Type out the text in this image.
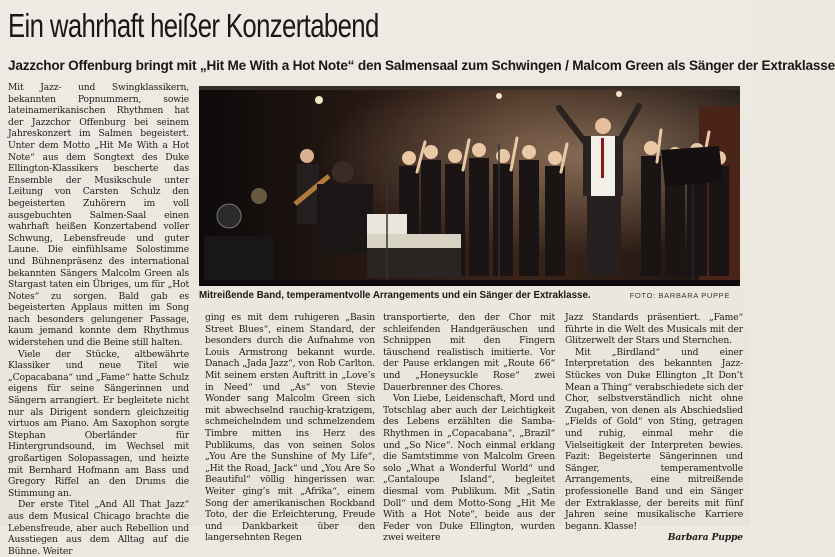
Ein wahrhaft heißer Konzertabend
Jazzchor Offenburg bringt mit „Hit Me With a Hot Note“ den Salmensaal zum Schwingen / Malcom Green als Sänger der Extraklasse

Mit Jazz- und Swingklassikern, bekannten Popnummern, sowie lateinamerikanischen Rhythmen hat der Jazzchor Offenburg bei seinem Jahreskonzert im Salmen begeistert. Unter dem Motto „Hit Me With a Hot Note“ aus dem Songtext des Duke Ellington-Klassikers bescherte das Ensemble der Musikschule unter Leitung von Carsten Schulz den begeisterten Zuhörern im voll ausgebuchten Salmen-Saal einen wahrhaft heißen Konzertabend voller Schwung, Lebensfreude und guter Laune. Die einfühlsame Solostimme und Bühnenpräsenz des international bekannten Sängers Malcolm Green als Stargast taten ein Übriges, um für „Hot Notes“ zu sorgen. Bald gab es begeisterten Applaus mitten im Song nach besonders gelungener Passage, kaum jemand konnte dem Rhythmus widerstehen und die Beine still halten.

Viele der Stücke, altbewährte Klassiker und neue Titel wie „Copacabana“ und „Fame“ hatte Schulz eigens für seine Sängerinnen und Sängern arrangiert. Er begleitete nicht nur als Dirigent sondern gleichzeitig virtuos am Piano. Am Saxophon sorgte Stephan Oberländer für Hintergrundsound, im Wechsel mit großartigen Solopassagen, und heizte mit Bernhard Hofmann am Bass und Gregory Riffel an den Drums die Stimmung an.

Der erste Titel „And All That Jazz“ aus dem Musical Chicago brachte die Lebensfreude, aber auch Rebellion und Ausstiegen aus dem Alltag auf die Bühne. Weiter

Mitreißende Band, temperamentvolle Arrangements und ein Sänger der Extraklasse.	FOTO: BARBARA PUPPE

ging es mit dem ruhigeren „Basin Street Blues“, einem Standard, der besonders durch die Aufnahme von Louis Armstrong bekannt wurde. Danach „Jada Jazz“, von Rob Carlton. Mit seinem ersten Auftritt in „Love’s in Need“ und „As“ von Stevie Wonder sang Malcolm Green sich mit abwechselnd rauchig-kratzigem, schmeichelndem und schmelzendem Timbre mitten ins Herz des Publikums, das von seinen Solos „You Are the Sunshine of My Life“, „Hit the Road, Jack“ und „You Are So Beautiful“ völlig hingerissen war. Weiter ging’s mit „Afrika“, einem Song der amerikanischen Rockband Toto, der die Erleichterung, Freude und Dankbarkeit über den langersehnten Regen

transportierte, den der Chor mit schleifenden Handgeräuschen und Schnippen mit den Fingern täuschend realistisch imitierte. Vor der Pause erklangen mit „Route 66“ und „Honeysuckle Rose“ zwei Dauerbrenner des Chores.

Von Liebe, Leidenschaft, Mord und Totschlag aber auch der Leichtigkeit des Lebens erzählten die Samba-Rhythmen in „Copacabana“, „Brazil“ und „So Nice“. Noch einmal erklang die Samtstimme von Malcolm Green solo „What a Wonderful World“ und „Cantaloupe Island“, begleitet diesmal vom Publikum. Mit „Satin Doll“ und dem Motto-Song „Hit Me With a Hot Note“, beide aus der Feder von Duke Ellington, wurden zwei weitere

Jazz Standards präsentiert. „Fame“ führte in die Welt des Musicals mit der Glitzerwelt der Stars und Sternchen.

Mit „Birdland“ und einer Interpretation des bekannten Jazz-Stückes von Duke Ellington „It Don’t Mean a Thing“ verabschiedete sich der Chor, selbstverständlich nicht ohne Zugaben, von denen als Abschiedslied „Fields of Gold“ von Sting, getragen und ruhig, einmal mehr die Vielseitigkeit der Interpreten bewies. Fazit: Begeisterte Sängerinnen und Sänger, temperamentvolle Arrangements, eine mitreißende professionelle Band und ein Sänger der Extraklasse, der bereits mit fünf Jahren seine musikalische Karriere begann. Klasse!

Barbara Puppe
